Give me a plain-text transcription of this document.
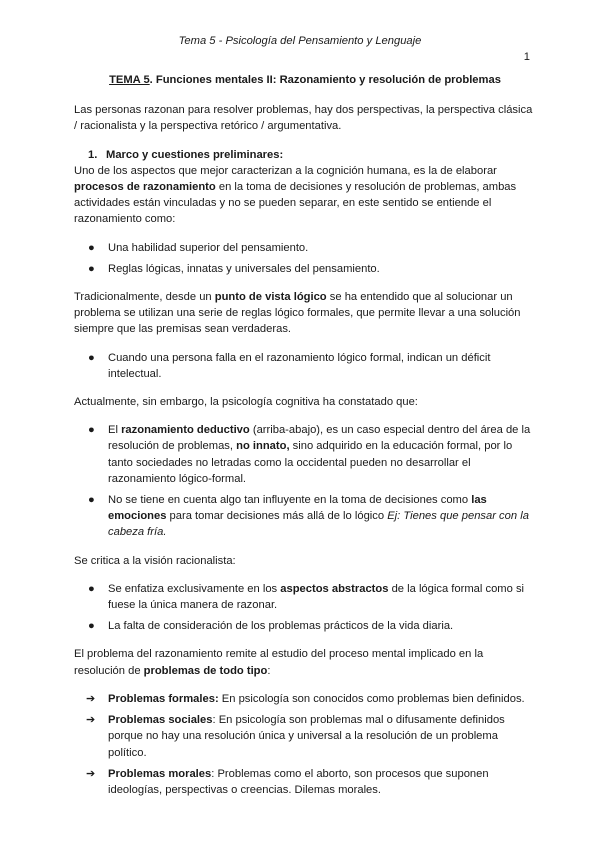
Tema 5 - Psicología del Pensamiento y Lenguaje
1
TEMA 5. Funciones mentales II: Razonamiento y resolución de problemas

Las personas razonan para resolver problemas, hay dos perspectivas, la perspectiva clásica / racionalista y la perspectiva retórico / argumentativa.

1. Marco y cuestiones preliminares:

Uno de los aspectos que mejor caracterizan a la cognición humana, es la de elaborar procesos de razonamiento en la toma de decisiones y resolución de problemas, ambas actividades están vinculadas y no se pueden separar, en este sentido se entiende el razonamiento como:

● Una habilidad superior del pensamiento.
● Reglas lógicas, innatas y universales del pensamiento.

Tradicionalmente, desde un punto de vista lógico se ha entendido que al solucionar un problema se utilizan una serie de reglas lógico formales, que permite llevar a una solución siempre que las premisas sean verdaderas.

● Cuando una persona falla en el razonamiento lógico formal, indican un déficit intelectual.

Actualmente, sin embargo, la psicología cognitiva ha constatado que:

● El razonamiento deductivo (arriba-abajo), es un caso especial dentro del área de la resolución de problemas, no innato, sino adquirido en la educación formal, por lo tanto sociedades no letradas como la occidental pueden no desarrollar el razonamiento lógico-formal.
● No se tiene en cuenta algo tan influyente en la toma de decisiones como las emociones para tomar decisiones más allá de lo lógico Ej: Tienes que pensar con la cabeza fría.

Se critica a la visión racionalista:

● Se enfatiza exclusivamente en los aspectos abstractos de la lógica formal como si fuese la única manera de razonar.
● La falta de consideración de los problemas prácticos de la vida diaria.

El problema del razonamiento remite al estudio del proceso mental implicado en la resolución de problemas de todo tipo:

➔ Problemas formales: En psicología son conocidos como problemas bien definidos.
➔ Problemas sociales: En psicología son problemas mal o difusamente definidos porque no hay una resolución única y universal a la resolución de un problema político.
➔ Problemas morales: Problemas como el aborto, son procesos que suponen ideologías, perspectivas o creencias. Dilemas morales.
